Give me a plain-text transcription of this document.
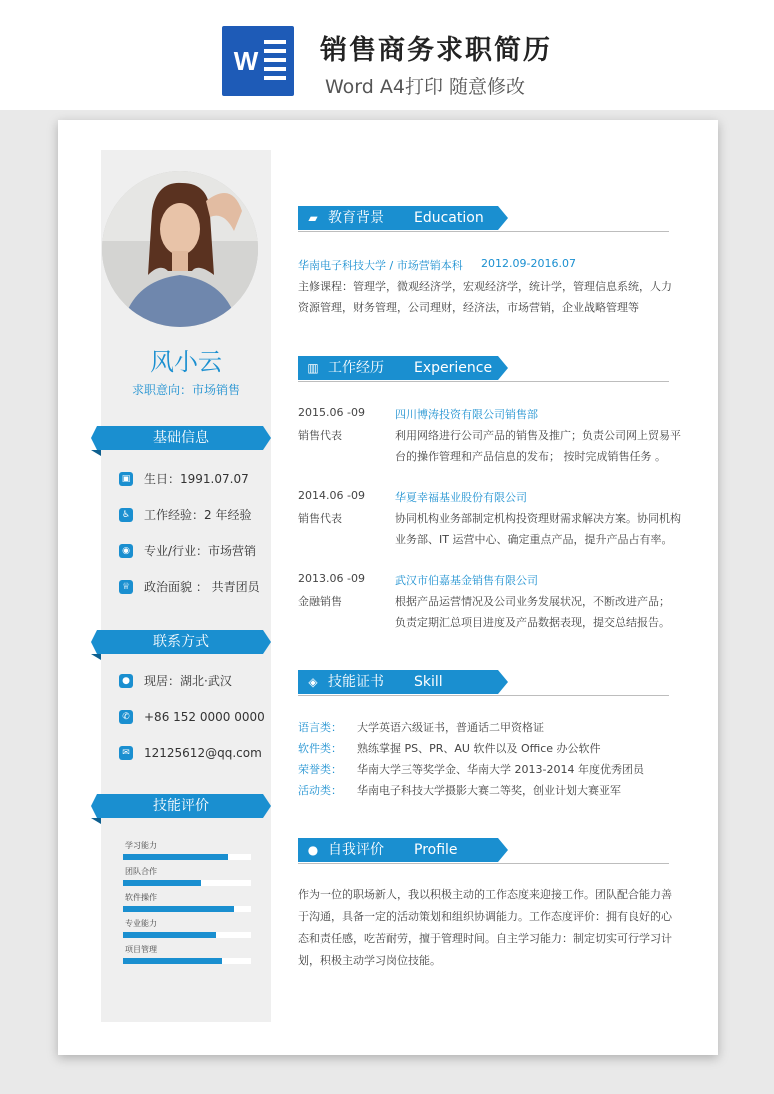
W 销售商务求职简历
Word A4打印 随意修改
风小云
求职意向：市场销售
基础信息
▣ 生日：1991.07.07
♿ 工作经验：2 年经验
◉ 专业/行业：市场营销
♕ 政治面貌 ： 共青团员
联系方式
● 现居：湖北·武汉
✆ +86 152 0000 0000
✉ 12125612@qq.com
技能评价
学习能力
团队合作
软件操作
专业能力
项目管理
▰ 教育背景 Education
华南电子科技大学 / 市场营销本科 2012.09-2016.07
主修课程：管理学，微观经济学，宏观经济学，统计学，管理信息系统，人力
资源管理，财务管理，公司理财，经济法，市场营销，企业战略管理等
▥ 工作经历 Experience
2015.06 -09
销售代表
四川博涛投资有限公司销售部
利用网络进行公司产品的销售及推广；负责公司网上贸易平
台的操作管理和产品信息的发布； 按时完成销售任务 。
2014.06 -09
销售代表
华夏幸福基业股份有限公司
协同机构业务部制定机构投资理财需求解决方案。协同机构
业务部、IT 运营中心、确定重点产品，提升产品占有率。
2013.06 -09
金融销售
武汉市伯嘉基金销售有限公司
根据产品运营情况及公司业务发展状况，不断改进产品；
负责定期汇总项目进度及产品数据表现，提交总结报告。
◈ 技能证书 Skill
语言类： 大学英语六级证书，普通话二甲资格证
软件类： 熟练掌握 PS、PR、AU 软件以及 Office 办公软件
荣誉类： 华南大学三等奖学金、华南大学 2013-2014 年度优秀团员
活动类： 华南电子科技大学摄影大赛二等奖，创业计划大赛亚军
● 自我评价 Profile
作为一位的职场新人，我以积极主动的工作态度来迎接工作。团队配合能力善
于沟通，具备一定的活动策划和组织协调能力。工作态度评价：拥有良好的心
态和责任感，吃苦耐劳，擅于管理时间。自主学习能力：制定切实可行学习计
划，积极主动学习岗位技能。
